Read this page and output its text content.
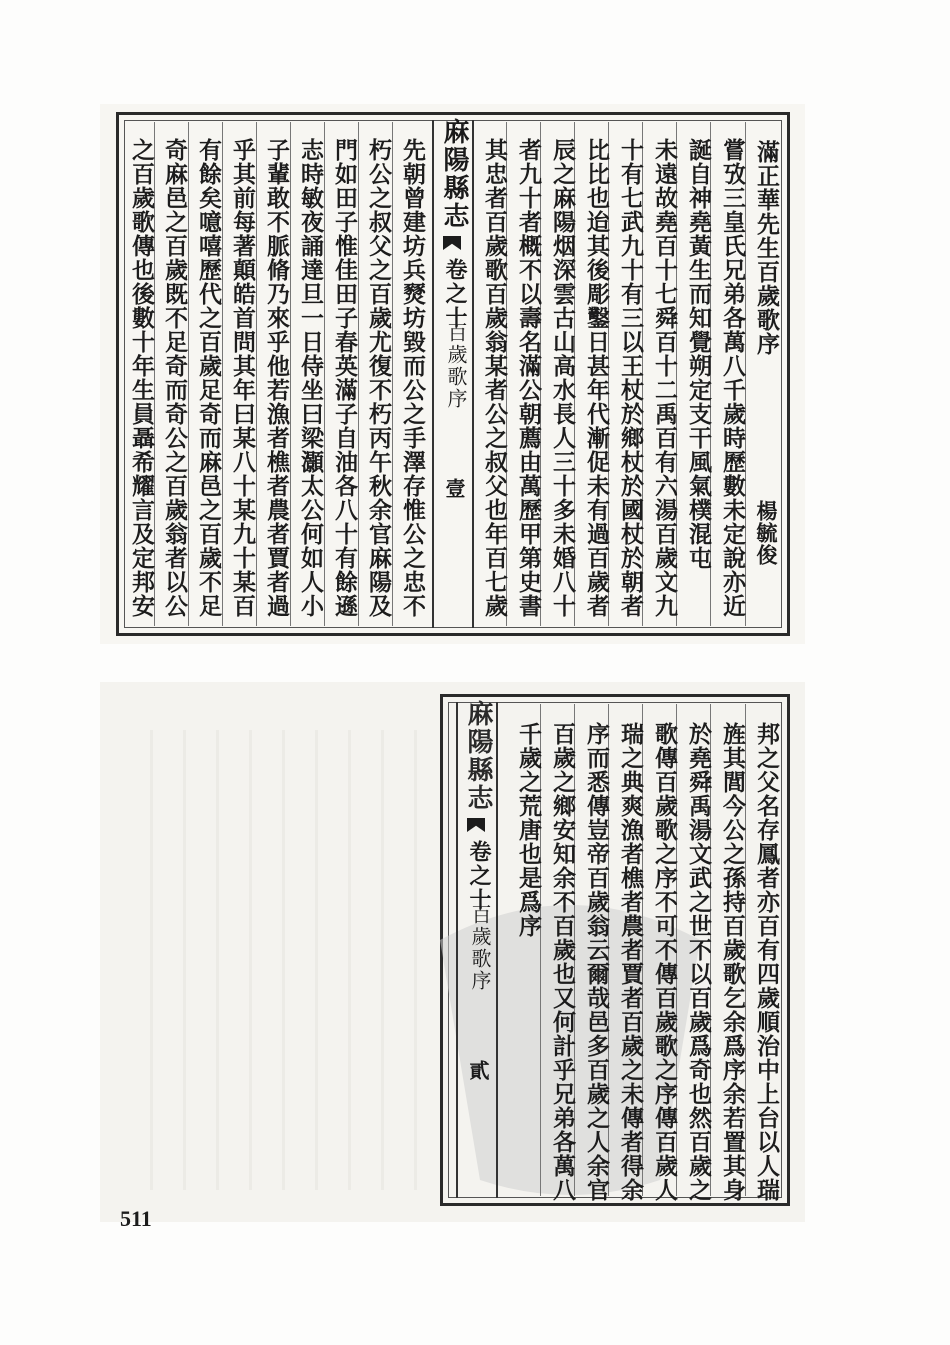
滿正華先生百歲歌序
嘗攷三皇氏兄弟各萬八千歲時歷數未定說亦近
誕自神堯黃生而知覺朔定支干風氣樸混屯
未遠故堯百十七舜百十二禹百有六湯百歲文九
十有七武九十有三以王杖於鄉杖於國杖於朝者
比比也迨其後彫鑿日甚年代漸促未有過百歲者
辰之麻陽烟深雲古山高水長人三十多未婚八十
者九十者概不以壽名滿公朝薦由萬歷甲第史書
其忠者百歲歌百歲翁某者公之叔父也年百七歲	楊毓俊
麻陽縣志
卷之十
百歲歌序
壹
先朝曾建坊兵燹坊毀而公之手澤存惟公之忠不
朽公之叔父之百歲尤復不朽丙午秋余官麻陽及
門如田子惟佳田子春英滿子自油各八十有餘遜
志時敏夜誦達旦一日侍坐曰梁灝太公何如人小
子輩敢不脈脩乃來乎他若漁者樵者農者賈者過
乎其前每著顛皓首問其年曰某八十某九十某百
有餘矣噫嘻歷代之百歲足奇而麻邑之百歲不足
奇麻邑之百歲既不足奇而奇公之百歲翁者以公
之百歲歌傳也後數十年生員聶希耀言及定邦安
邦之父名存鳳者亦百有四歲順治中上台以人瑞
旌其閭今公之孫持百歲歌乞余爲序余若置其身
於堯舜禹湯文武之世不以百歲爲奇也然百歲之
歌傳百歲歌之序不可不傳百歲歌之序傳百歲人
瑞之典爽漁者樵者農者賈者百歲之未傳者得余
序而悉傳豈帝百歲翁云爾哉邑多百歲之人余官
百歲之鄉安知余不百歲也又何計乎兄弟各萬八
千歲之荒唐也是爲序
麻陽縣志
卷之十
百歲歌序
貳
511
